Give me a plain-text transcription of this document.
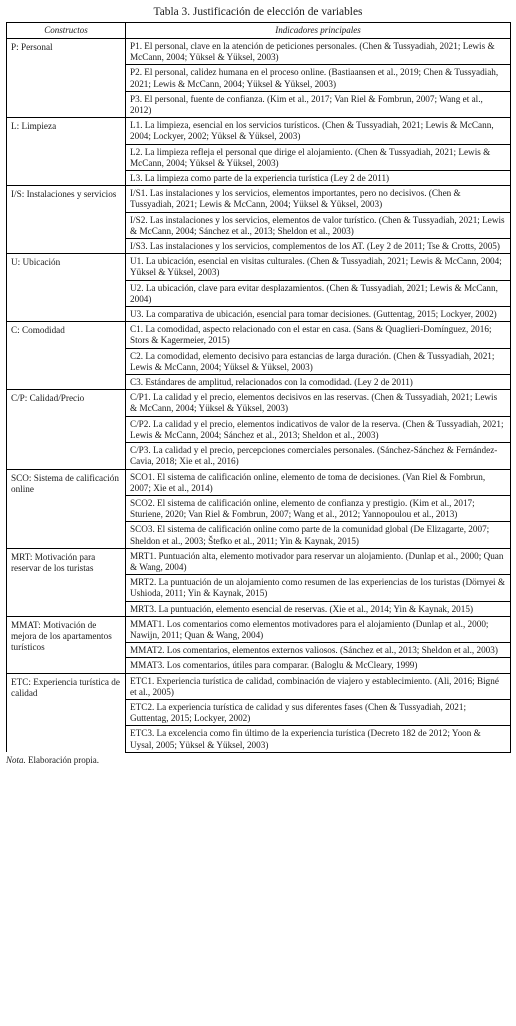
Tabla 3. Justificación de elección de variables
Constructos	Indicadores principales
P: Personal	P1. El personal, clave en la atención de peticiones personales. (Chen & Tussyadiah, 2021; Lewis & McCann, 2004; Yüksel & Yüksel, 2003)
	P2. El personal, calidez humana en el proceso online. (Bastiaansen et al., 2019; Chen & Tussyadiah, 2021; Lewis & McCann, 2004; Yüksel & Yüksel, 2003)
	P3. El personal, fuente de confianza. (Kim et al., 2017; Van Riel & Fombrun, 2007; Wang et al., 2012)
L: Limpieza	L1. La limpieza, esencial en los servicios turísticos. (Chen & Tussyadiah, 2021; Lewis & McCann, 2004; Lockyer, 2002; Yüksel & Yüksel, 2003)
	L2. La limpieza refleja el personal que dirige el alojamiento. (Chen & Tussyadiah, 2021; Lewis & McCann, 2004; Yüksel & Yüksel, 2003)
	L3. La limpieza como parte de la experiencia turística (Ley 2 de 2011)
I/S: Instalaciones y servicios	I/S1. Las instalaciones y los servicios, elementos importantes, pero no decisivos. (Chen & Tussyadiah, 2021; Lewis & McCann, 2004; Yüksel & Yüksel, 2003)
	I/S2. Las instalaciones y los servicios, elementos de valor turístico. (Chen & Tussyadiah, 2021; Lewis & McCann, 2004; Sánchez et al., 2013; Sheldon et al., 2003)
	I/S3. Las instalaciones y los servicios, complementos de los AT. (Ley 2 de 2011; Tse & Crotts, 2005)
U: Ubicación	U1. La ubicación, esencial en visitas culturales. (Chen & Tussyadiah, 2021; Lewis & McCann, 2004; Yüksel & Yüksel, 2003)
	U2. La ubicación, clave para evitar desplazamientos. (Chen & Tussyadiah, 2021; Lewis & McCann, 2004)
	U3. La comparativa de ubicación, esencial para tomar decisiones. (Guttentag, 2015; Lockyer, 2002)
C: Comodidad	C1. La comodidad, aspecto relacionado con el estar en casa. (Sans & Quaglieri-Domínguez, 2016; Stors & Kagermeier, 2015)
	C2. La comodidad, elemento decisivo para estancias de larga duración. (Chen & Tussyadiah, 2021; Lewis & McCann, 2004; Yüksel & Yüksel, 2003)
	C3. Estándares de amplitud, relacionados con la comodidad. (Ley 2 de 2011)
C/P: Calidad/Precio	C/P1. La calidad y el precio, elementos decisivos en las reservas. (Chen & Tussyadiah, 2021; Lewis & McCann, 2004; Yüksel & Yüksel, 2003)
	C/P2. La calidad y el precio, elementos indicativos de valor de la reserva. (Chen & Tussyadiah, 2021; Lewis & McCann, 2004; Sánchez et al., 2013; Sheldon et al., 2003)
	C/P3. La calidad y el precio, percepciones comerciales personales. (Sánchez-Sánchez & Fernández-Cavia, 2018; Xie et al., 2016)
SCO: Sistema de calificación online	SCO1. El sistema de calificación online, elemento de toma de decisiones. (Van Riel & Fombrun, 2007; Xie et al., 2014)
	SCO2. El sistema de calificación online, elemento de confianza y prestigio. (Kim et al., 2017; Sturiene, 2020; Van Riel & Fombrun, 2007; Wang et al., 2012; Yannopoulou et al., 2013)
	SCO3. El sistema de calificación online como parte de la comunidad global (De Elizagarte, 2007; Sheldon et al., 2003; Štefko et al., 2011; Yin & Kaynak, 2015)
MRT: Motivación para reservar de los turistas	MRT1. Puntuación alta, elemento motivador para reservar un alojamiento. (Dunlap et al., 2000; Quan & Wang, 2004)
	MRT2. La puntuación de un alojamiento como resumen de las experiencias de los turistas (Dörnyei & Ushioda, 2011; Yin & Kaynak, 2015)
	MRT3. La puntuación, elemento esencial de reservas. (Xie et al., 2014; Yin & Kaynak, 2015)
MMAT: Motivación de mejora de los apartamentos turísticos	MMAT1. Los comentarios como elementos motivadores para el alojamiento (Dunlap et al., 2000; Nawijn, 2011; Quan & Wang, 2004)
	MMAT2. Los comentarios, elementos externos valiosos. (Sánchez et al., 2013; Sheldon et al., 2003)
	MMAT3. Los comentarios, útiles para comparar. (Baloglu & McCleary, 1999)
ETC: Experiencia turística de calidad	ETC1. Experiencia turística de calidad, combinación de viajero y establecimiento. (Ali, 2016; Bigné et al., 2005)
	ETC2. La experiencia turística de calidad y sus diferentes fases (Chen & Tussyadiah, 2021; Guttentag, 2015; Lockyer, 2002)
	ETC3. La excelencia como fin último de la experiencia turística (Decreto 182 de 2012; Yoon & Uysal, 2005; Yüksel & Yüksel, 2003)
Nota. Elaboración propia.
